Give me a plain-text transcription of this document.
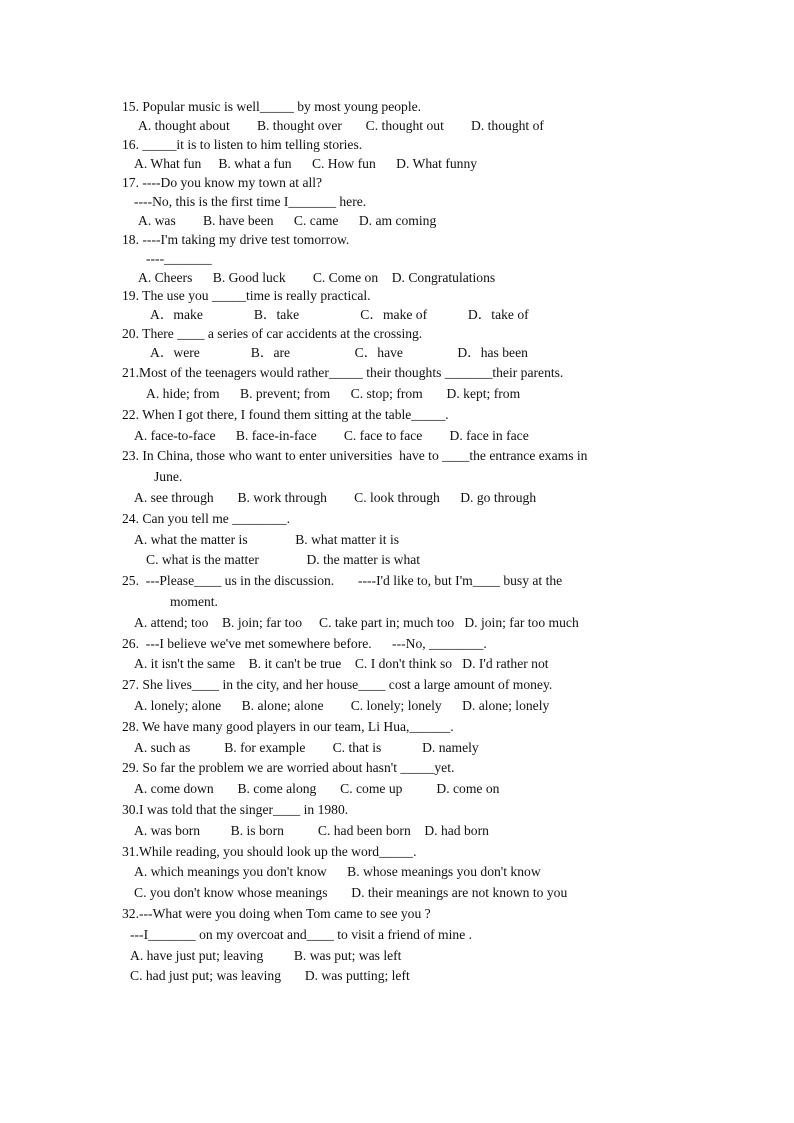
15. Popular music is well_____ by most young people.
A. thought about        B. thought over       C. thought out        D. thought of
16. _____it is to listen to him telling stories.
A. What fun     B. what a fun      C. How fun      D. What funny
17. ----Do you know my town at all?
----No, this is the first time I_______ here.
A. was        B. have been      C. came      D. am coming
18. ----I'm taking my drive test tomorrow.
----_______
A. Cheers      B. Good luck        C. Come on    D. Congratulations
19. The use you _____time is really practical.
A．make               B．take                  C．make of            D．take of
20. There ____ a series of car accidents at the crossing.
A．were               B．are                   C．have                D．has been
21.Most of the teenagers would rather_____ their thoughts _______their parents.
A. hide; from      B. prevent; from      C. stop; from       D. kept; from
22. When I got there, I found them sitting at the table_____.
A. face-to-face      B. face-in-face        C. face to face        D. face in face
23. In China, those who want to enter universities  have to ____the entrance exams in
June.
A. see through       B. work through        C. look through      D. go through
24. Can you tell me ________.
A. what the matter is              B. what matter it is
C. what is the matter              D. the matter is what
25.  ---Please____ us in the discussion.       ----I'd like to, but I'm____ busy at the
moment.
A. attend; too    B. join; far too     C. take part in; much too   D. join; far too much
26.  ---I believe we've met somewhere before.      ---No, ________.
A. it isn't the same    B. it can't be true    C. I don't think so   D. I'd rather not
27. She lives____ in the city, and her house____ cost a large amount of money.
A. lonely; alone      B. alone; alone        C. lonely; lonely      D. alone; lonely
28. We have many good players in our team, Li Hua,______.
A. such as          B. for example        C. that is            D. namely
29. So far the problem we are worried about hasn't _____yet.
A. come down       B. come along       C. come up          D. come on
30.I was told that the singer____ in 1980.
A. was born         B. is born          C. had been born    D. had born
31.While reading, you should look up the word_____.
A. which meanings you don't know      B. whose meanings you don't know
C. you don't know whose meanings       D. their meanings are not known to you
32.---What were you doing when Tom came to see you ?
---I_______ on my overcoat and____ to visit a friend of mine .
A. have just put; leaving         B. was put; was left
C. had just put; was leaving       D. was putting; left
